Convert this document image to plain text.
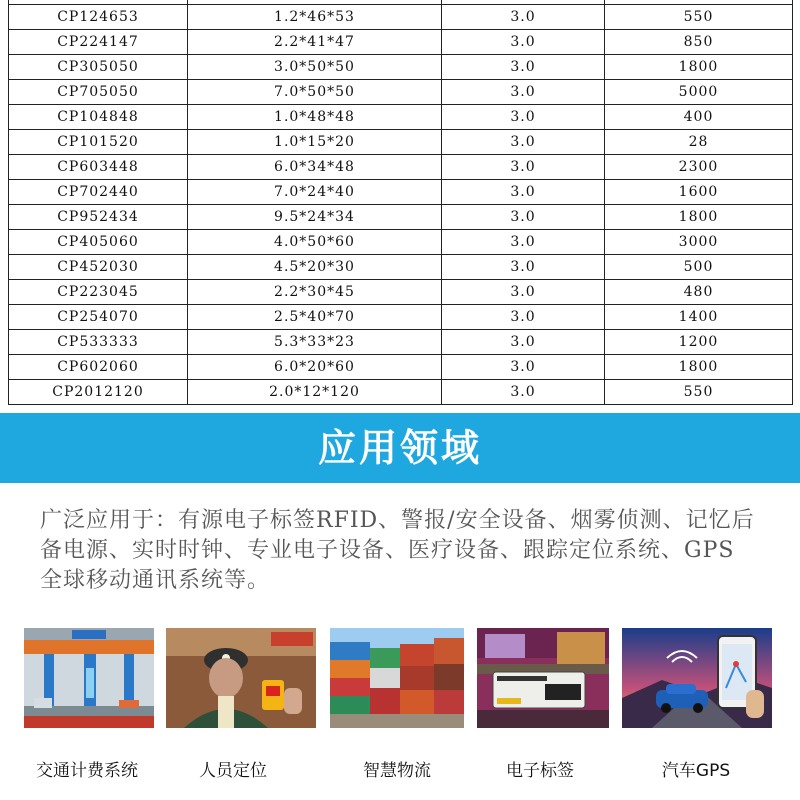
CP124653	1.2*46*53	3.0	550
CP224147	2.2*41*47	3.0	850
CP305050	3.0*50*50	3.0	1800
CP705050	7.0*50*50	3.0	5000
CP104848	1.0*48*48	3.0	400
CP101520	1.0*15*20	3.0	28
CP603448	6.0*34*48	3.0	2300
CP702440	7.0*24*40	3.0	1600
CP952434	9.5*24*34	3.0	1800
CP405060	4.0*50*60	3.0	3000
CP452030	4.5*20*30	3.0	500
CP223045	2.2*30*45	3.0	480
CP254070	2.5*40*70	3.0	1400
CP533333	5.3*33*23	3.0	1200
CP602060	6.0*20*60	3.0	1800
CP2012120	2.0*12*120	3.0	550
应用领域
广泛应用于：有源电子标签RFID、警报/安全设备、烟雾侦测、记忆后备电源、实时时钟、专业电子设备、医疗设备、跟踪定位系统、GPS 全球移动通讯系统等。
交通计费系统	人员定位	智慧物流	电子标签	汽车GPS
